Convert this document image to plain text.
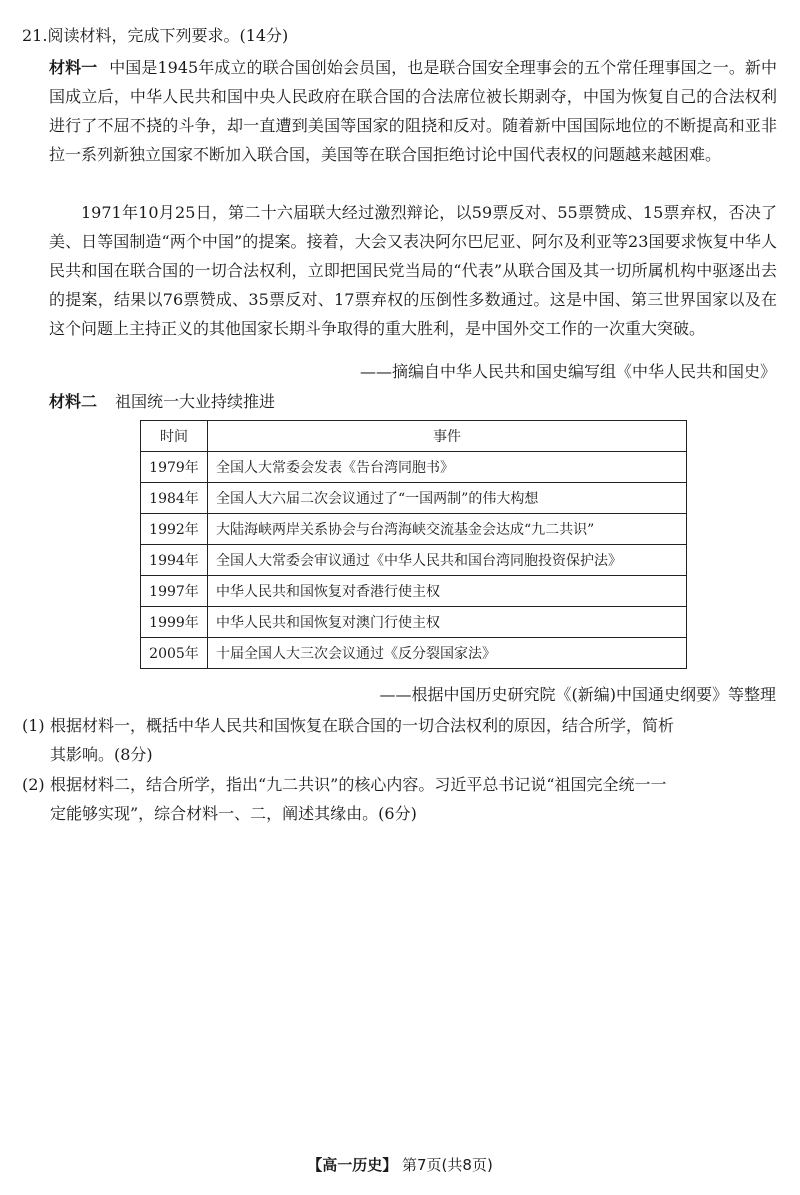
21.阅读材料，完成下列要求。(14分)
材料一 中国是1945年成立的联合国创始会员国，也是联合国安全理事会的五个常任理事国之一。新中国成立后，中华人民共和国中央人民政府在联合国的合法席位被长期剥夺，中国为恢复自己的合法权利进行了不屈不挠的斗争，却一直遭到美国等国家的阻挠和反对。随着新中国国际地位的不断提高和亚非拉一系列新独立国家不断加入联合国，美国等在联合国拒绝讨论中国代表权的问题越来越困难。
1971年10月25日，第二十六届联大经过激烈辩论，以59票反对、55票赞成、15票弃权，否决了美、日等国制造“两个中国”的提案。接着，大会又表决阿尔巴尼亚、阿尔及利亚等23国要求恢复中华人民共和国在联合国的一切合法权利，立即把国民党当局的“代表”从联合国及其一切所属机构中驱逐出去的提案，结果以76票赞成、35票反对、17票弃权的压倒性多数通过。这是中国、第三世界国家以及在这个问题上主持正义的其他国家长期斗争取得的重大胜利，是中国外交工作的一次重大突破。
——摘编自中华人民共和国史编写组《中华人民共和国史》
材料二 祖国统一大业持续推进
时间	事件
1979年	全国人大常委会发表《告台湾同胞书》
1984年	全国人大六届二次会议通过了“一国两制”的伟大构想
1992年	大陆海峡两岸关系协会与台湾海峡交流基金会达成“九二共识”
1994年	全国人大常委会审议通过《中华人民共和国台湾同胞投资保护法》
1997年	中华人民共和国恢复对香港行使主权
1999年	中华人民共和国恢复对澳门行使主权
2005年	十届全国人大三次会议通过《反分裂国家法》
——根据中国历史研究院《(新编)中国通史纲要》等整理
(1) 根据材料一，概括中华人民共和国恢复在联合国的一切合法权利的原因，结合所学，简析
其影响。(8分)
(2) 根据材料二，结合所学，指出“九二共识”的核心内容。习近平总书记说“祖国完全统一一
定能够实现”，综合材料一、二，阐述其缘由。(6分)
【高一历史】 第7页(共8页)
